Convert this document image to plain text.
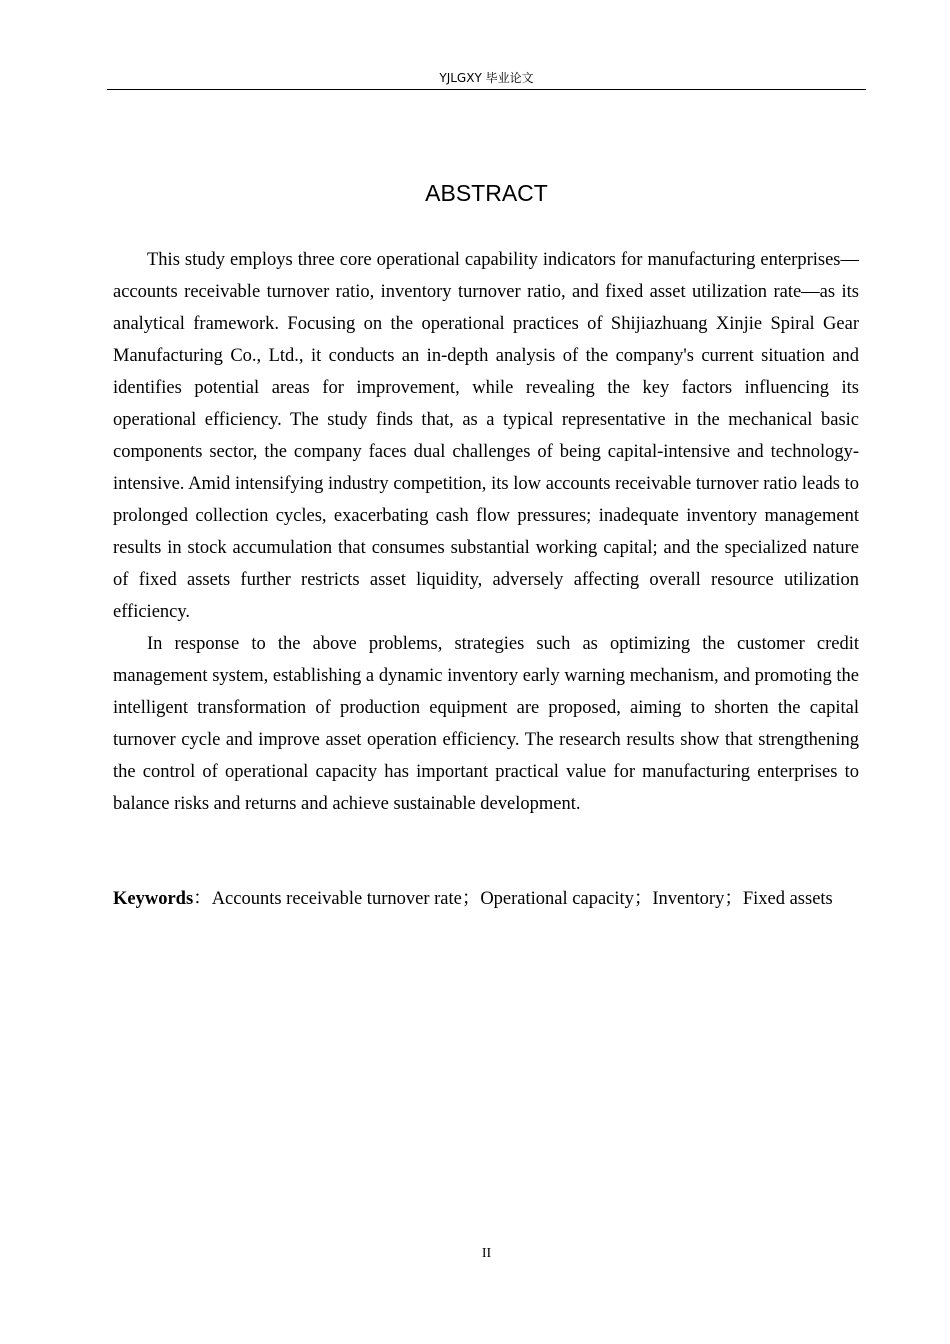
YJLGXY 毕业论文
ABSTRACT

This study employs three core operational capability indicators for manufacturing enterprises—accounts receivable turnover ratio, inventory turnover ratio, and fixed asset utilization rate—as its analytical framework. Focusing on the operational practices of Shijiazhuang Xinjie Spiral Gear Manufacturing Co., Ltd., it conducts an in-depth analysis of the company's current situation and identifies potential areas for improvement, while revealing the key factors influencing its operational efficiency. The study finds that, as a typical representative in the mechanical basic components sector, the company faces dual challenges of being capital-intensive and technology-intensive. Amid intensifying industry competition, its low accounts receivable turnover ratio leads to prolonged collection cycles, exacerbating cash flow pressures; inadequate inventory management results in stock accumulation that consumes substantial working capital; and the specialized nature of fixed assets further restricts asset liquidity, adversely affecting overall resource utilization efficiency.

In response to the above problems, strategies such as optimizing the customer credit management system, establishing a dynamic inventory early warning mechanism, and promoting the intelligent transformation of production equipment are proposed, aiming to shorten the capital turnover cycle and improve asset operation efficiency. The research results show that strengthening the control of operational capacity has important practical value for manufacturing enterprises to balance risks and returns and achieve sustainable development.

Keywords：Accounts receivable turnover rate；Operational capacity；Inventory；Fixed assets
II
